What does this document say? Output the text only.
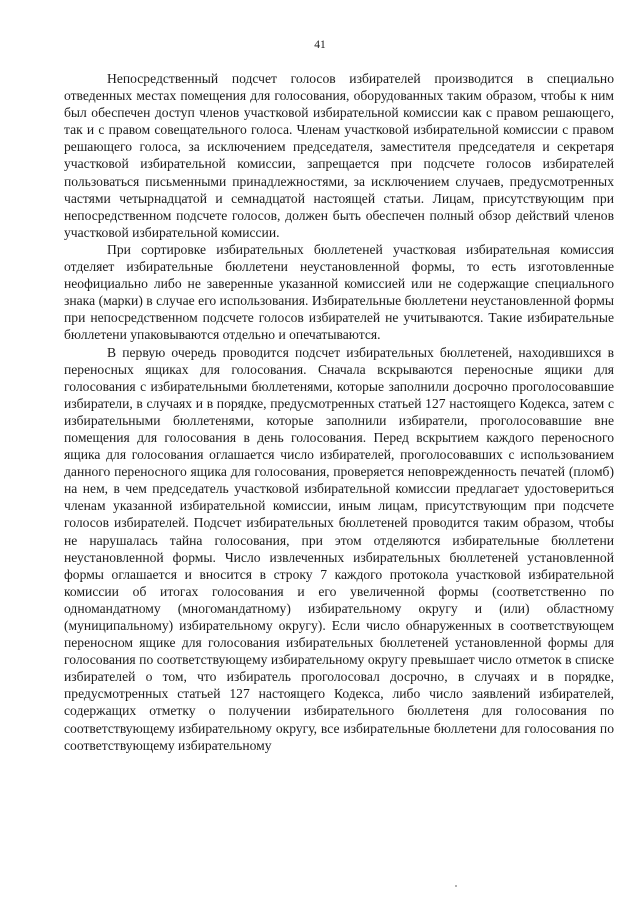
41

Непосредственный подсчет голосов избирателей производится в специально отведенных местах помещения для голосования, оборудованных таким образом, чтобы к ним был обеспечен доступ членов участковой избирательной комиссии как с правом решающего, так и с правом совещательного голоса. Членам участковой избирательной комиссии с правом решающего голоса, за исключением председателя, заместителя председателя и секретаря участковой избирательной комиссии, запрещается при подсчете голосов избирателей пользоваться письменными принадлежностями, за исключением случаев, предусмотренных частями четырнадцатой и семнадцатой настоящей статьи. Лицам, присутствующим при непосредственном подсчете голосов, должен быть обеспечен полный обзор действий членов участковой избирательной комиссии.

При сортировке избирательных бюллетеней участковая избирательная комиссия отделяет избирательные бюллетени неустановленной формы, то есть изготовленные неофициально либо не заверенные указанной комиссией или не содержащие специального знака (марки) в случае его использования. Избирательные бюллетени неустановленной формы при непосредственном подсчете голосов избирателей не учитываются. Такие избирательные бюллетени упаковываются отдельно и опечатываются.

В первую очередь проводится подсчет избирательных бюллетеней, находившихся в переносных ящиках для голосования. Сначала вскрываются переносные ящики для голосования с избирательными бюллетенями, которые заполнили досрочно проголосовавшие избиратели, в случаях и в порядке, предусмотренных статьей 127 настоящего Кодекса, затем с избирательными бюллетенями, которые заполнили избиратели, проголосовавшие вне помещения для голосования в день голосования. Перед вскрытием каждого переносного ящика для голосования оглашается число избирателей, проголосовавших с использованием данного переносного ящика для голосования, проверяется неповрежденность печатей (пломб) на нем, в чем председатель участковой избирательной комиссии предлагает удостовериться членам указанной избирательной комиссии, иным лицам, присутствующим при подсчете голосов избирателей. Подсчет избирательных бюллетеней проводится таким образом, чтобы не нарушалась тайна голосования, при этом отделяются избирательные бюллетени неустановленной формы. Число извлеченных избирательных бюллетеней установленной формы оглашается и вносится в строку 7 каждого протокола участковой избирательной комиссии об итогах голосования и его увеличенной формы (соответственно по одномандатному (многомандатному) избирательному округу и (или) областному (муниципальному) избирательному округу). Если число обнаруженных в соответствующем переносном ящике для голосования избирательных бюллетеней установленной формы для голосования по соответствующему избирательному округу превышает число отметок в списке избирателей о том, что избиратель проголосовал досрочно, в случаях и в порядке, предусмотренных статьей 127 настоящего Кодекса, либо число заявлений избирателей, содержащих отметку о получении избирательного бюллетеня для голосования по соответствующему избирательному округу, все избирательные бюллетени для голосования по соответствующему избирательному
